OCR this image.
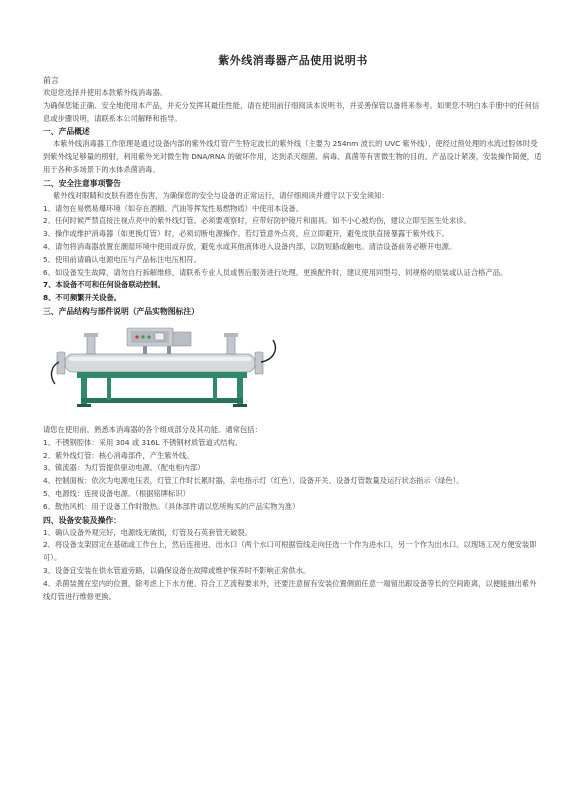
紫外线消毒器产品使用说明书

前言

欢迎您选择并使用本款紫外线消毒器。

为确保您能正确、安全地使用本产品，并充分发挥其最佳性能，请在使用前仔细阅读本说明书，并妥善保管以备将来参考。如果您不明白本手册中的任何信息或步骤说明，请联系本公司解释和指导。

一、产品概述

本紫外线消毒器工作原理是通过设备内部的紫外线灯管产生特定波长的紫外线（主要为 254nm 波长的 UVC 紫外线），使经过预处理的水流过腔体时受到紫外线足够量的照射，利用紫外光对微生物 DNA/RNA 的破坏作用，达到杀灭细菌、病毒、真菌等有害微生物的目的。产品设计紧凑，安装操作简便，适用于各种多场景下的水体杀菌消毒。

二、安全注意事项警告

紫外线对眼睛和皮肤有潜在伤害，为确保您的安全与设备的正常运行，请仔细阅读并遵守以下安全须知：

1、请勿在易燃易爆环境（如存在酒精、汽油等挥发性易燃物质）中使用本设备。

2、任何时候严禁直接注视点亮中的紫外线灯管。必须要观察时，应带好防护镜片和面具。如不小心被灼伤，建议立即至医生处求诊。

3、操作或维护消毒器（如更换灯管）时，必须切断电源操作。若灯管意外点亮，应立即避开，避免皮肤直接暴露于紫外线下。

4、请勿将消毒器放置在潮湿环境中使用或存放，避免水或其他液体进入设备内部，以防短路或触电。清洁设备前务必断开电源。

5、使用前请确认电源电压与产品标注电压相符。

6、如设备发生故障，请勿自行拆解维修，请联系专业人员或售后服务进行处理。更换配件时，建议使用同型号、同规格的原装或认证合格产品。

7、本设备不可和任何设备联动控制。

8、不可频繁开关设备。

三、产品结构与部件说明（产品实物图标注）

请您在使用前，熟悉本消毒器的各个组成部分及其功能。通常包括：

1、不锈钢腔体：采用 304 或 316L 不锈钢材质管道式结构。

2、紫外线灯管：核心消毒部件，产生紫外线。

3、镇流器：为灯管提供驱动电源。（配电柜内部）

4、控制面板：依次为电源电压表，灯管工作时长累时器，亲电指示灯（红色）、设备开关、设备灯管数量及运行状态指示（绿色）。

5、电源线：连接设备电源。（根据铭牌标识）

6、散热风机：用于设备工作时散热。（具体部件请以您所购买的产品实物为准）

四、设备安装及操作：

1、确认设备外观完好，电源线无破损，灯管及石英套管无破裂。

2、将设备支架固定在基础或工作台上，然后连接进、出水口（两个水口可根据管线走向任选一个作为进水口，另一个作为出水口。以现场工况方便安装即可）。

3、设备宜安装在供水管道旁路，以确保设备在故障或维护保养时不影响正常供水。

4、杀菌装置在室内的位置，除考虑上下水方便、符合工艺流程要求外，还要注意留有安装位置侧面任意一端留出跟设备等长的空间距离，以便能抽出紫外线灯管进行维修更换。
